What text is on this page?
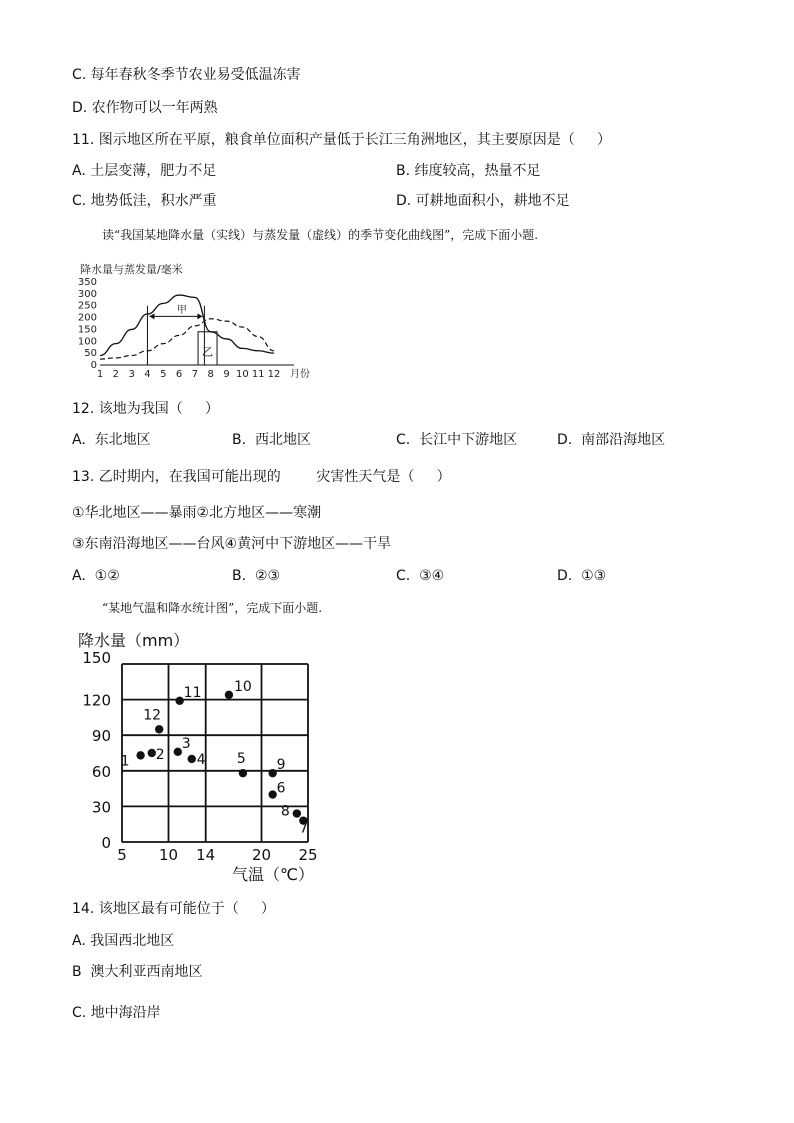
C. 每年春秋冬季节农业易受低温冻害
D. 农作物可以一年两熟
11. 图示地区所在平原，粮食单位面积产量低于长江三角洲地区，其主要原因是（     ）
A. 土层变薄，肥力不足	B. 纬度较高，热量不足
C. 地势低洼，积水严重	D. 可耕地面积小，耕地不足
读“我国某地降水量（实线）与蒸发量（虚线）的季节变化曲线图”，完成下面小题.
降水量与蒸发量/毫米
0
50
100
150
200
250
300
350
1 2 3 4 5 6 7 8 9 10 11 12 月份
甲
乙
12. 该地为我国（     ）
A.  东北地区	B.  西北地区	C.  长江中下游地区	D.  南部沿海地区
13. 乙时期内，在我国可能出现的        灾害性天气是（     ）
①华北地区——暴雨②北方地区——寒潮
③东南沿海地区——台风④黄河中下游地区——干旱
A.  ①②	B.  ②③	C.  ③④	D.  ①③
“某地气温和降水统计图”，完成下面小题.
降水量（mm）
气温（℃）
0
30
60
90
120
150
5 10 14 20 25
1 2
3
4 5
6
7
8
9
10
11
12
14. 该地区最有可能位于（     ）
A. 我国西北地区
B  澳大利亚西南地区
C. 地中海沿岸
